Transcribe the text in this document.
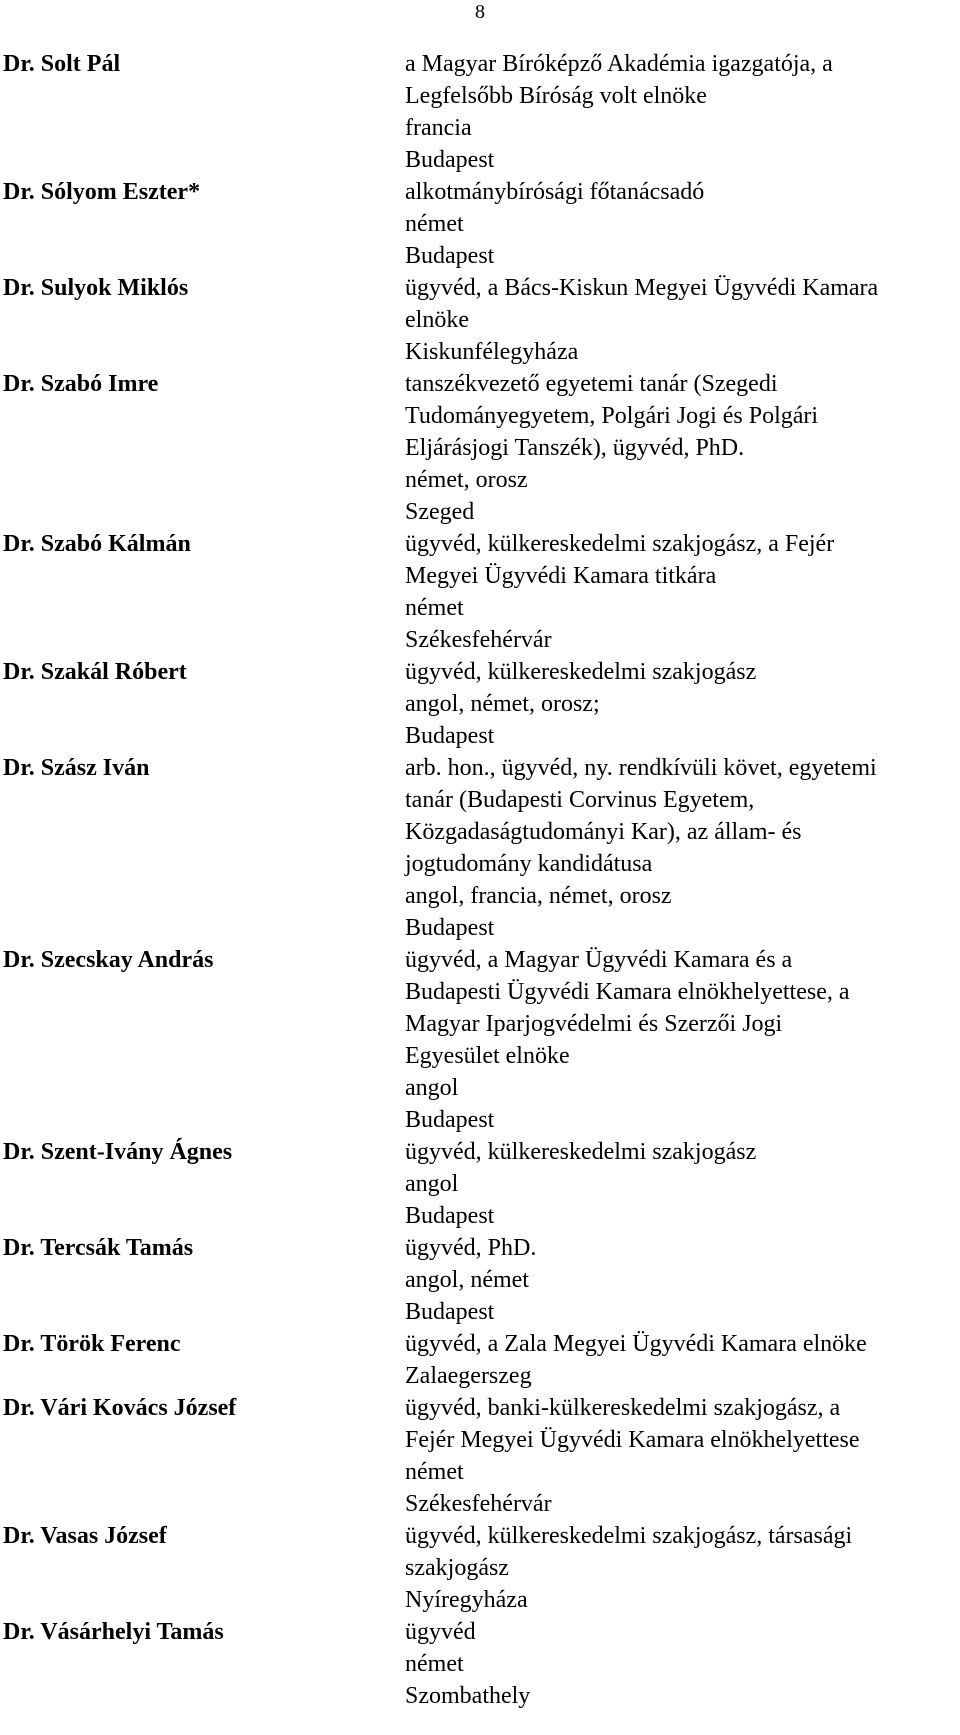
8
Dr. Solt Pál	a Magyar Bíróképző Akadémia igazgatója, a
Legfelsőbb Bíróság volt elnöke
francia
Budapest
Dr. Sólyom Eszter*	alkotmánybírósági főtanácsadó
német
Budapest
Dr. Sulyok Miklós	ügyvéd, a Bács-Kiskun Megyei Ügyvédi Kamara
elnöke
Kiskunfélegyháza
Dr. Szabó Imre	tanszékvezető egyetemi tanár (Szegedi
Tudományegyetem, Polgári Jogi és Polgári
Eljárásjogi Tanszék), ügyvéd, PhD.
német, orosz
Szeged
Dr. Szabó Kálmán	ügyvéd, külkereskedelmi szakjogász, a Fejér
Megyei Ügyvédi Kamara titkára
német
Székesfehérvár
Dr. Szakál Róbert	ügyvéd, külkereskedelmi szakjogász
angol, német, orosz;
Budapest
Dr. Szász Iván	arb. hon., ügyvéd, ny. rendkívüli követ, egyetemi
tanár (Budapesti Corvinus Egyetem,
Közgadaságtudományi Kar), az állam- és
jogtudomány kandidátusa
angol, francia, német, orosz
Budapest
Dr. Szecskay András	ügyvéd, a Magyar Ügyvédi Kamara és a
Budapesti Ügyvédi Kamara elnökhelyettese, a
Magyar Iparjogvédelmi és Szerzői Jogi
Egyesület elnöke
angol
Budapest
Dr. Szent-Ivány Ágnes	ügyvéd, külkereskedelmi szakjogász
angol
Budapest
Dr. Tercsák Tamás	ügyvéd, PhD.
angol, német
Budapest
Dr. Török Ferenc	ügyvéd, a Zala Megyei Ügyvédi Kamara elnöke
Zalaegerszeg
Dr. Vári Kovács József	ügyvéd, banki-külkereskedelmi szakjogász, a
Fejér Megyei Ügyvédi Kamara elnökhelyettese
német
Székesfehérvár
Dr. Vasas József	ügyvéd, külkereskedelmi szakjogász, társasági
szakjogász
Nyíregyháza
Dr. Vásárhelyi Tamás	ügyvéd
német
Szombathely
